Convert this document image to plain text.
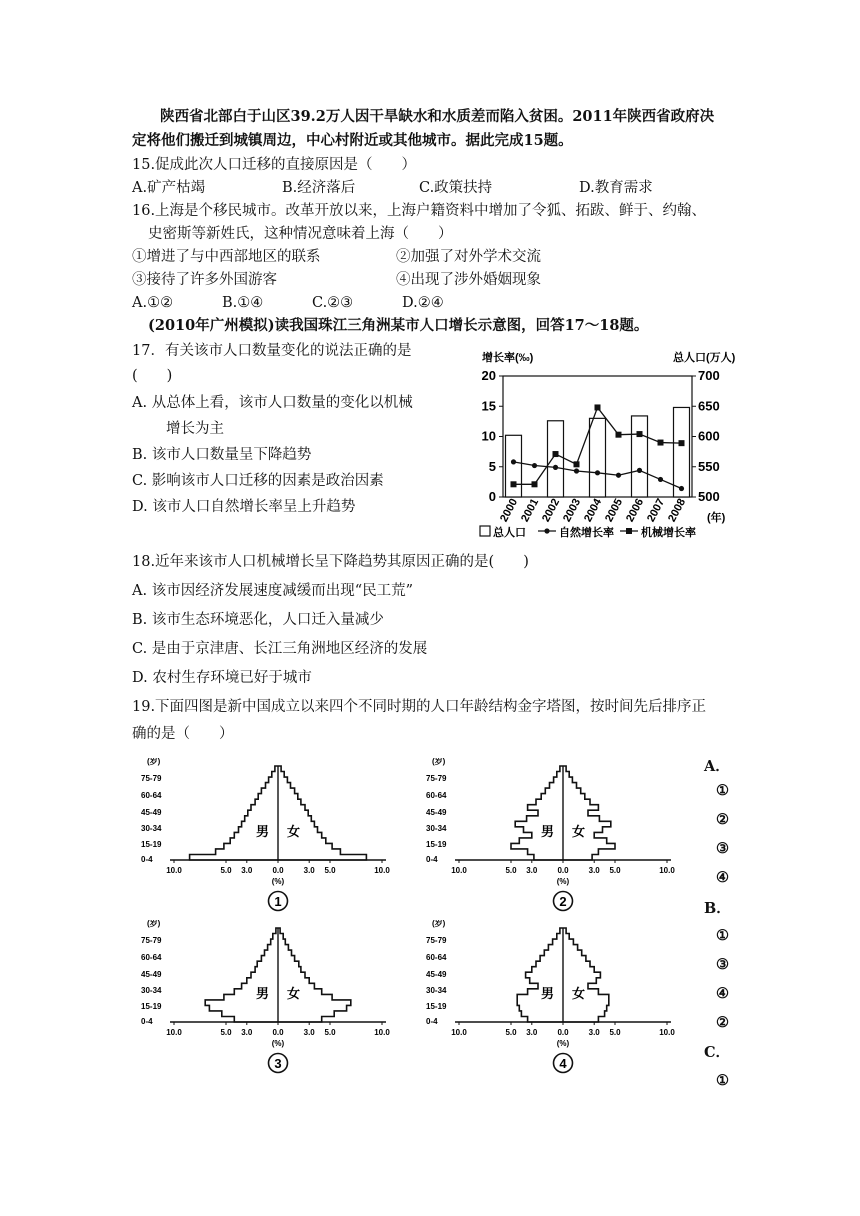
陕西省北部白于山区39.2万人因干旱缺水和水质差而陷入贫困。2011年陕西省政府决
定将他们搬迁到城镇周边，中心村附近或其他城市。据此完成15题。
15.促成此次人口迁移的直接原因是（　　）
A.矿产枯竭	B.经济落后	C.政策扶持	D.教育需求
16.上海是个移民城市。改革开放以来，上海户籍资料中增加了令狐、拓跋、鲜于、约翰、
史密斯等新姓氏，这种情况意味着上海（　　）
①增进了与中西部地区的联系	②加强了对外学术交流
③接待了许多外国游客	④出现了涉外婚姻现象
A.①②	B.①④	C.②③	D.②④
(2010年广州模拟)读我国珠江三角洲某市人口增长示意图，回答17～18题。
17．有关该市人口数量变化的说法正确的是
(　　)
A. 从总体上看，该市人口数量的变化以机械
增长为主
B. 该市人口数量呈下降趋势
C. 影响该市人口迁移的因素是政治因素
D. 该市人口自然增长率呈上升趋势
增长率(‰)	总人口(万人)
0
5
10
15
20
500
550
600
650
700
2000
2001
2002
2003
2004
2005
2006
2007
2008 (年)
总人口	自然增长率 机械增长率
18.近年来该市人口机械增长呈下降趋势其原因正确的是(　　)
A. 该市因经济发展速度减缓而出现“民工荒”
B. 该市生态环境恶化，人口迁入量减少
C. 是由于京津唐、长江三角洲地区经济的发展
D. 农村生存环境已好于城市
19.下面四图是新中国成立以来四个不同时期的人口年龄结构金字塔图，按时间先后排序正
确的是（　　）
A．
①
②
③
④
B．
①
③
④
②
C．
①
(岁)
75-79
60-64
45-49
30-34
15-19
0-4
10.0	5.0 3.0	0.0	3.0 5.0	10.0
(%)
男 女
1
(岁)
75-79
60-64
45-49
30-34
15-19
0-4
10.0	5.0 3.0	0.0	3.0 5.0	10.0
(%)
男 女
2
(岁)
75-79
60-64
45-49
30-34
15-19
0-4
10.0	5.0 3.0	0.0	3.0 5.0	10.0
(%)
男 女
3
(岁)
75-79
60-64
45-49
30-34
15-19
0-4
10.0	5.0 3.0	0.0	3.0 5.0	10.0
(%)
男 女
4
